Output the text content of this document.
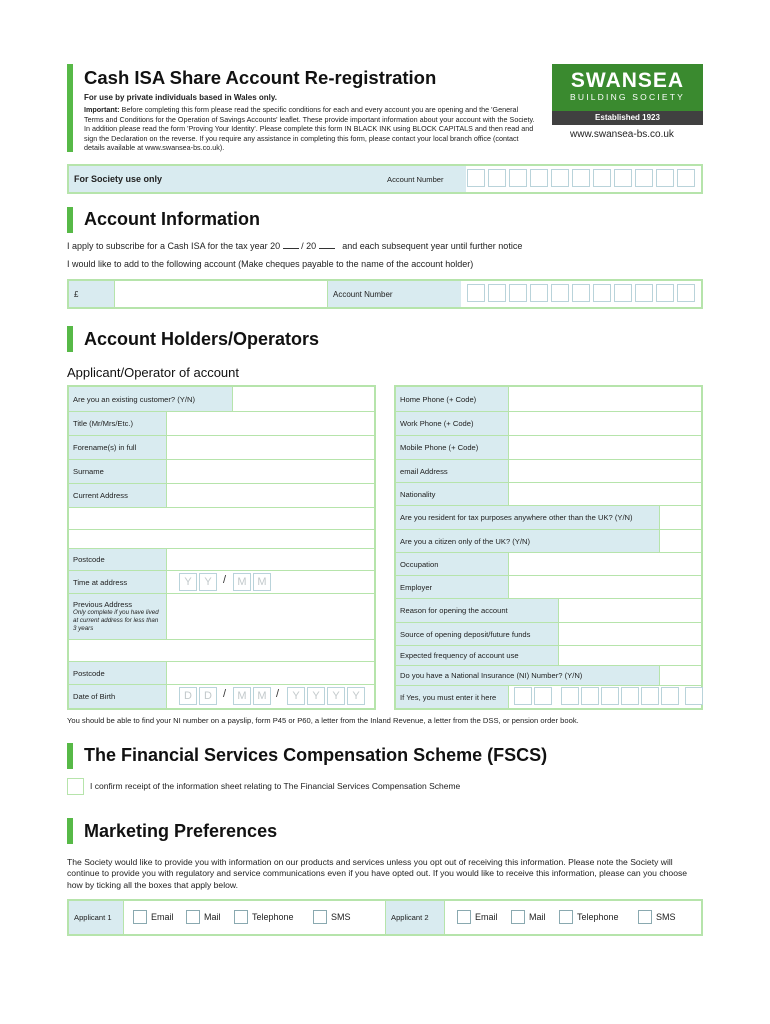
Cash ISA Share Account Re-registration
For use by private individuals based in Wales only.
Important: Before completing this form please read the specific conditions for each and every account you are opening and the 'General Terms and Conditions for the Operation of Savings Accounts' leaflet. These provide important information about your account with the Society. In addition please read the form 'Proving Your Identity'. Please complete this form IN BLACK INK using BLOCK CAPITALS and then read and sign the Declaration on the reverse. If you require any assistance in completing this form, please contact your local branch office (contact details available at www.swansea-bs.co.uk).
SWANSEA
BUILDING SOCIETY
Established 1923
www.swansea-bs.co.uk
For Society use only	Account Number
Account Information
I apply to subscribe for a Cash ISA for the tax year 20 / 20	and each subsequent year until further notice
I would like to add to the following account (Make cheques payable to the name of the account holder)
£	Account Number
Account Holders/Operators
Applicant/Operator of account
Are you an existing customer? (Y/N)
Title (Mr/Mrs/Etc.)
Forename(s) in full
Surname
Current Address
Postcode
Time at address	Y	Y	/	M M
Previous Address
Only complete if you have lived at current address for less than 3 years
Postcode
Date of Birth	D	D	/	M M /	Y	Y	Y	Y
Home Phone (+ Code)
Work Phone (+ Code)
Mobile Phone (+ Code)
email Address
Nationality
Are you resident for tax purposes anywhere other than the UK? (Y/N)
Are you a citizen only of the UK? (Y/N)
Occupation
Employer
Reason for opening the account
Source of opening deposit/future funds
Expected frequency of account use
Do you have a National Insurance (NI) Number? (Y/N)
If Yes, you must enter it here
You should be able to find your NI number on a payslip, form P45 or P60, a letter from the Inland Revenue, a letter from the DSS, or pension order book.
The Financial Services Compensation Scheme (FSCS)
I confirm receipt of the information sheet relating to The Financial Services Compensation Scheme
Marketing Preferences
The Society would like to provide you with information on our products and services unless you opt out of receiving this information. Please note the Society will continue to provide you with regulatory and service communications even if you have opted out. If you would like to receive this information, please can you choose how by ticking all the boxes that apply below.
Applicant 1	Email	Mail	Telephone	SMS	Applicant 2	Email	Mail	Telephone	SMS
